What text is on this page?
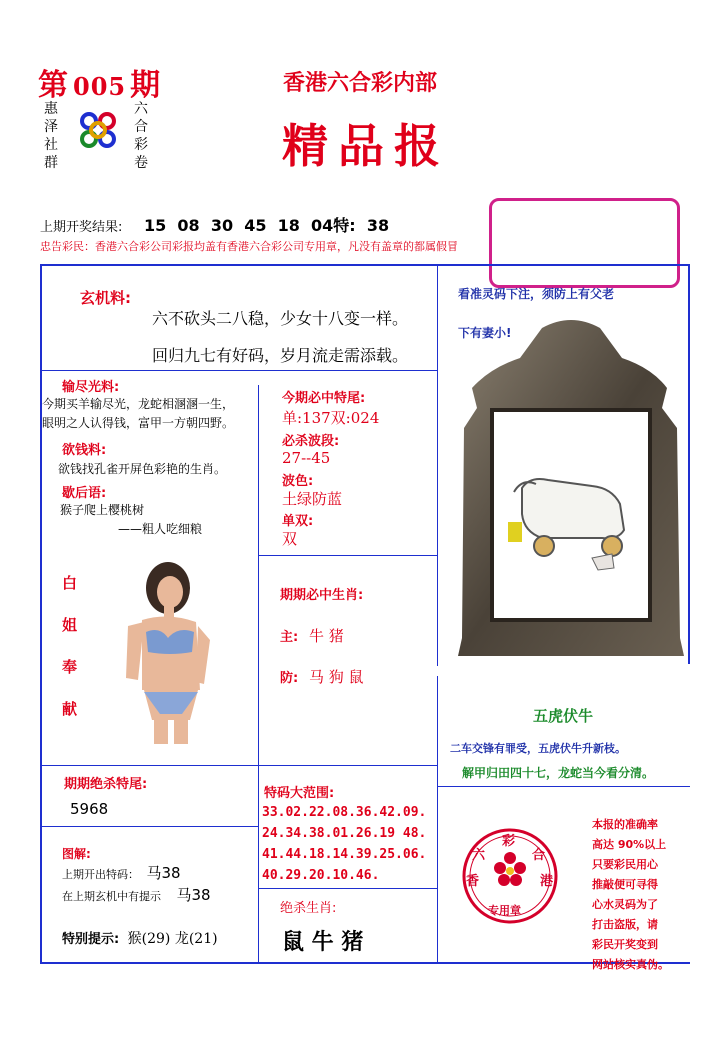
第 005 期
惠泽社群
六合彩卷
香港六合彩内部
精品报
上期开奖结果: 15  08  30  45  18  04特:  38
忠告彩民：香港六合彩公司彩报均盖有香港六合彩公司专用章，凡没有盖章的都属假冒
玄机料:
六不砍头二八稳，少女十八变一样。
回归九七有好码，岁月流走需添载。
输尽光料:
今期买羊输尽光，龙蛇相溷溷一生，
眼明之人认得钱，富甲一方朝四野。
欲钱料:
欲钱找孔雀开屏色彩艳的生肖。
歇后语:
猴子爬上樱桃树
——粗人吃细粮
白
姐
奉
献
今期必中特尾:
单:137双:024
必杀波段:
27--45
波色:
土绿防蓝
单双:
双
期期必中生肖:
主: 牛 猪
防: 马 狗 鼠
期期绝杀特尾:
5968
特码大范围:
33.02.22.08.36.42.09.
24.34.38.01.26.19 48.
41.44.18.14.39.25.06.
40.29.20.10.46.
图解:
上期开出特码： 马38
在上期玄机中有提示 马38
特别提示: 猴(29) 龙(21)
绝杀生肖:
鼠 牛 猪
看准灵码下注，须防上有父老
下有妻小!
五虎伏牛
二车交锋有罪受，五虎伏牛升新枝。
解甲归田四十七，龙蛇当今看分清。
六
彩
合
香	港
专用章
本报的准确率
高达 90%以上
只要彩民用心
推敲便可寻得
心水灵码为了
打击盗版，请
彩民开奖变到
网站核实真伪。
